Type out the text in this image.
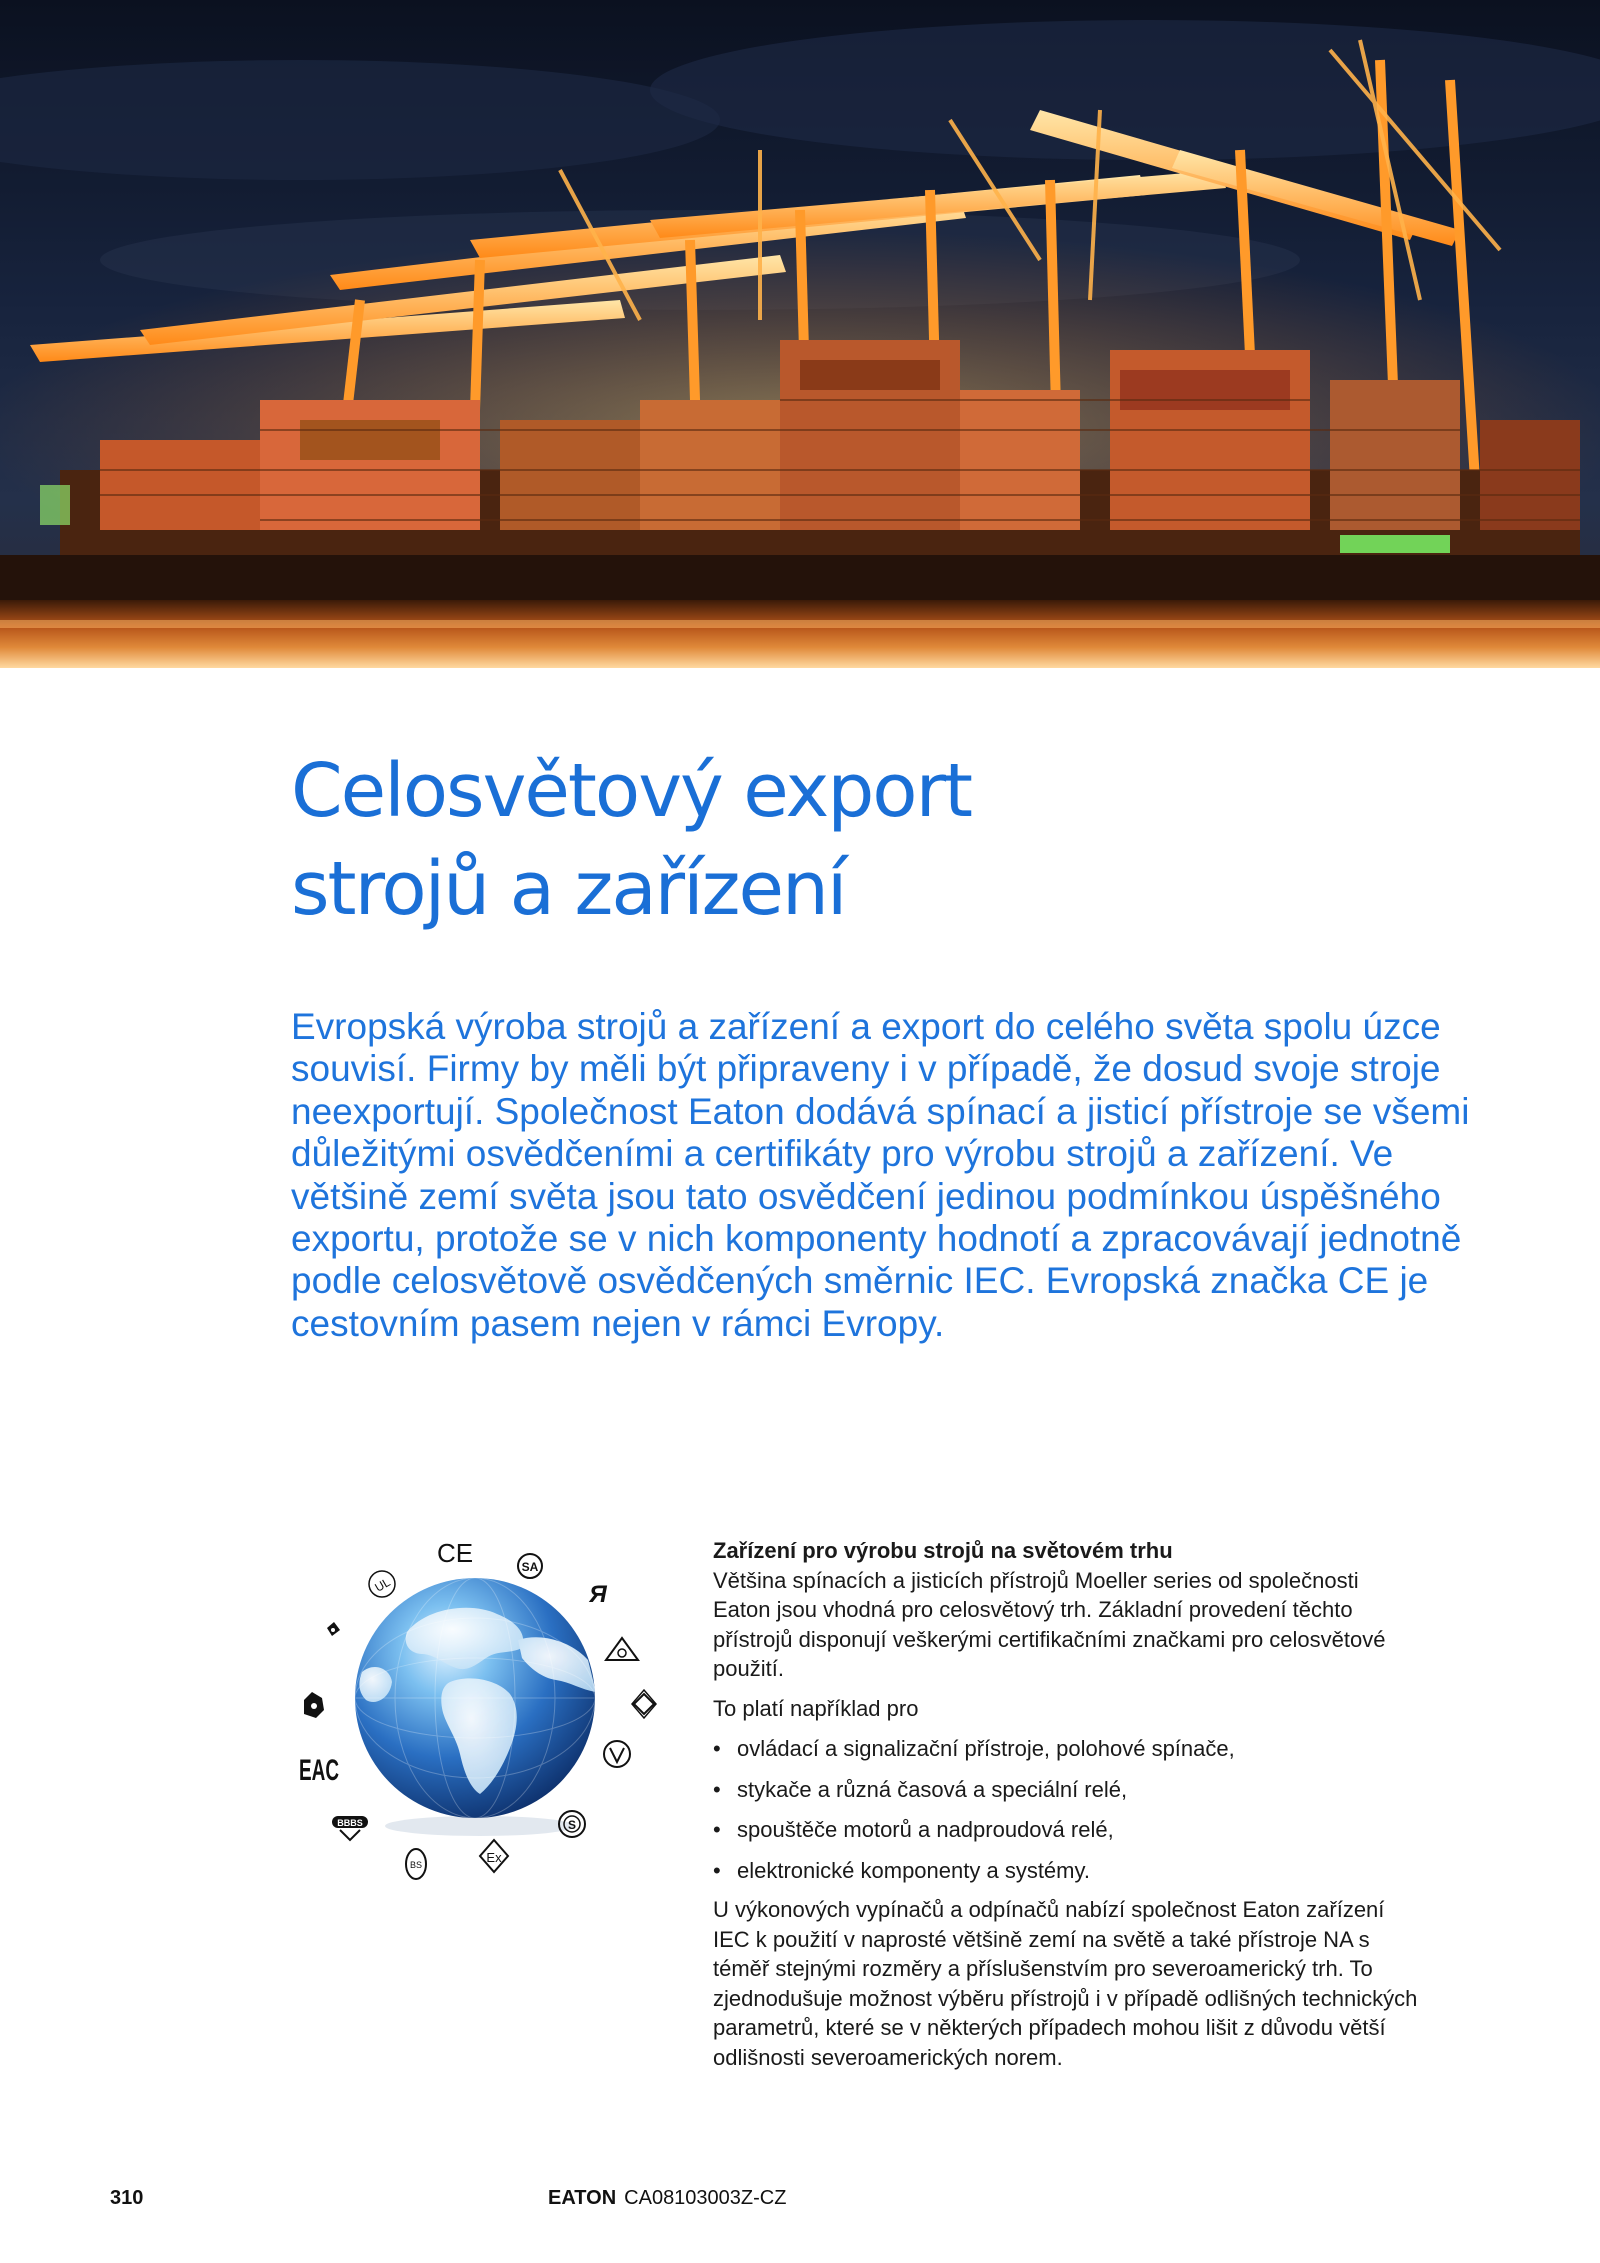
Celosvětový export
strojů a zařízení
Evropská výroba strojů a zařízení a export do celého světa spolu úzce
souvisí. Firmy by měli být připraveny i v případě, že dosud svoje stroje
neexportují. Společnost Eaton dodává spínací a jisticí přístroje se všemi
důležitými osvědčeními a certifikáty pro výrobu strojů a zařízení. Ve
většině zemí světa jsou tato osvědčení jedinou podmínkou úspěšného
exportu, protože se v nich komponenty hodnotí a zpracovávají jednotně
podle celosvětově osvědčených směrnic IEC. Evropská značka CE je
cestovním pasem nejen v rámci Evropy.
UL
CE	SA
Я
S
Ex
BS
BBBS
EAC
Zařízení pro výrobu strojů na světovém trhu
Většina spínacích a jisticích přístrojů Moeller series od společnosti
Eaton jsou vhodná pro celosvětový trh. Základní provedení těchto
přístrojů disponují veškerými certifikačními značkami pro celosvětové
použití.
To platí například pro
• ovládací a signalizační přístroje, polohové spínače,
• stykače a různá časová a speciální relé,
• spouštěče motorů a nadproudová relé,
• elektronické komponenty a systémy.
U výkonových vypínačů a odpínačů nabízí společnost Eaton zařízení
IEC k použití v naprosté většině zemí na světě a také přístroje NA s
téměř stejnými rozměry a příslušenstvím pro severoamerický trh. To
zjednodušuje možnost výběru přístrojů i v případě odlišných technických
parametrů, které se v některých případech mohou lišit z důvodu větší
odlišnosti severoamerických norem.
310	EATON CA08103003Z-CZ
